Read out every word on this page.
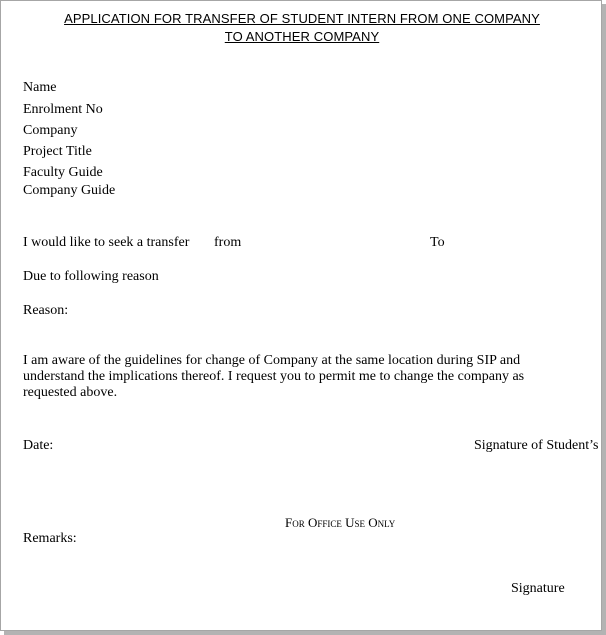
APPLICATION FOR TRANSFER OF STUDENT INTERN FROM ONE COMPANY
TO ANOTHER COMPANY
Name
Enrolment No
Company
Project Title
Faculty Guide
Company Guide
I would like to seek a transfer from	To
Due to following reason
Reason:
I am aware of the guidelines for change of Company at the same location during SIP and understand the implications thereof. I request you to permit me to change the company as requested above.
Date:	Signature of Student’s
For Office Use Only
Remarks:
Signature
